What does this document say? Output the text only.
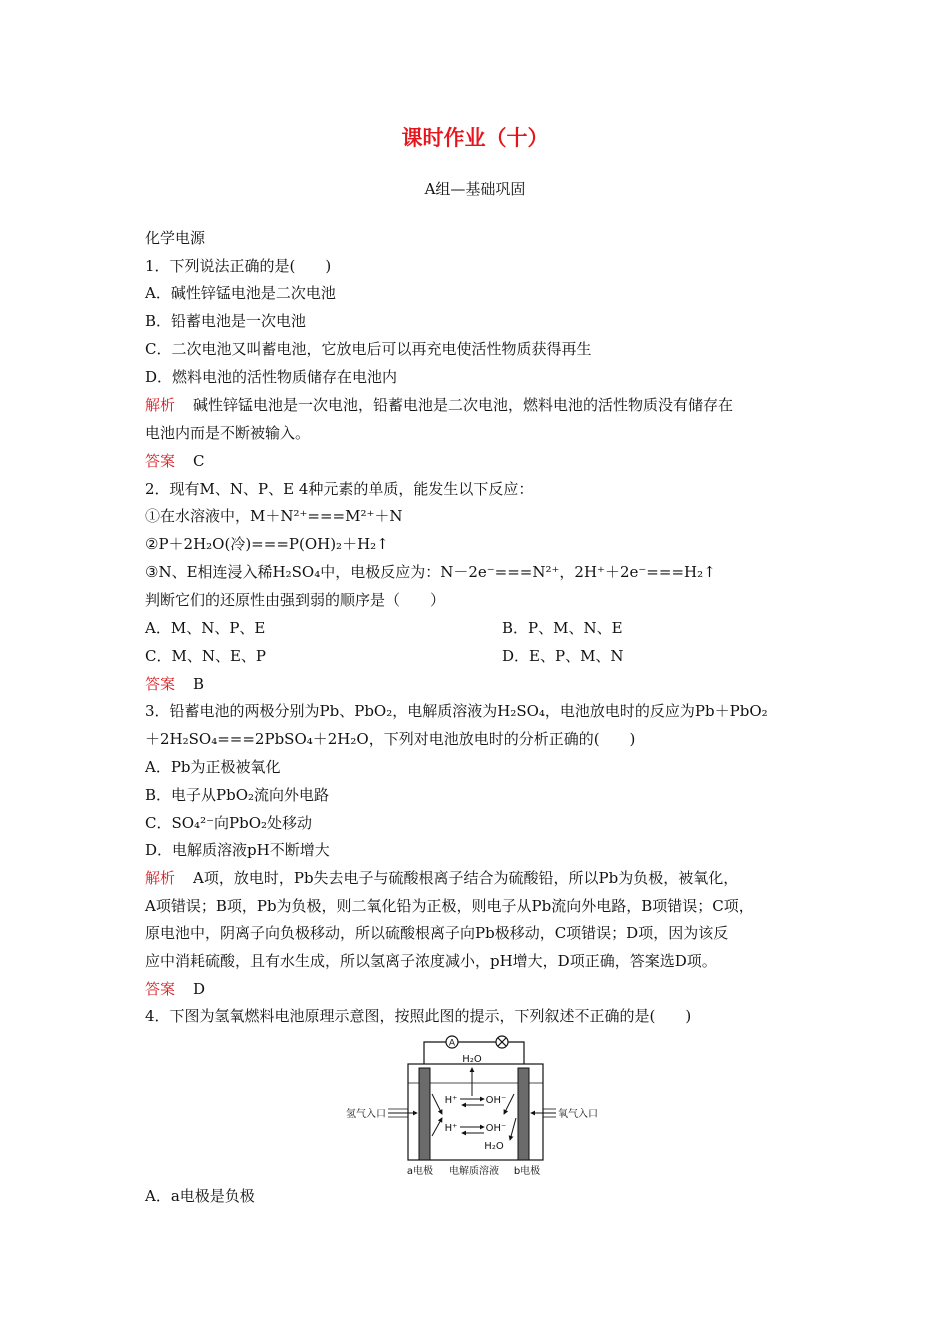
课时作业（十）
A组—基础巩固
化学电源
1．下列说法正确的是(　　)
A．碱性锌锰电池是二次电池
B．铅蓄电池是一次电池
C．二次电池又叫蓄电池，它放电后可以再充电使活性物质获得再生
D．燃料电池的活性物质储存在电池内
解析 碱性锌锰电池是一次电池，铅蓄电池是二次电池，燃料电池的活性物质没有储存在
电池内而是不断被输入。
答案 C
2．现有M、N、P、E 4种元素的单质，能发生以下反应：
①在水溶液中，M＋N²⁺===M²⁺＋N
②P＋2H₂O(冷)===P(OH)₂＋H₂↑
③N、E相连浸入稀H₂SO₄中，电极反应为：N－2e⁻===N²⁺，2H⁺＋2e⁻===H₂↑
判断它们的还原性由强到弱的顺序是（　　）
A．M、N、P、E	B．P、M、N、E
C．M、N、E、P	D．E、P、M、N
答案 B
3．铅蓄电池的两极分别为Pb、PbO₂，电解质溶液为H₂SO₄，电池放电时的反应为Pb＋PbO₂
＋2H₂SO₄===2PbSO₄＋2H₂O，下列对电池放电时的分析正确的(　　)
A．Pb为正极被氧化
B．电子从PbO₂流向外电路
C．SO₄²⁻向PbO₂处移动
D．电解质溶液pH不断增大
解析 A项，放电时，Pb失去电子与硫酸根离子结合为硫酸铅，所以Pb为负极，被氧化，
A项错误；B项，Pb为负极，则二氧化铅为正极，则电子从Pb流向外电路，B项错误；C项，
原电池中，阴离子向负极移动，所以硫酸根离子向Pb极移动，C项错误；D项，因为该反
应中消耗硫酸，且有水生成，所以氢离子浓度减小，pH增大，D项正确，答案选D项。
答案 D
4．下图为氢氧燃料电池原理示意图，按照此图的提示，下列叙述不正确的是(　　)
A
H₂O
H⁺	OH⁻
H⁺	OH⁻
H₂O
氢气入口	氧气入口
a电极 电解质溶液 b电极
A．a电极是负极
